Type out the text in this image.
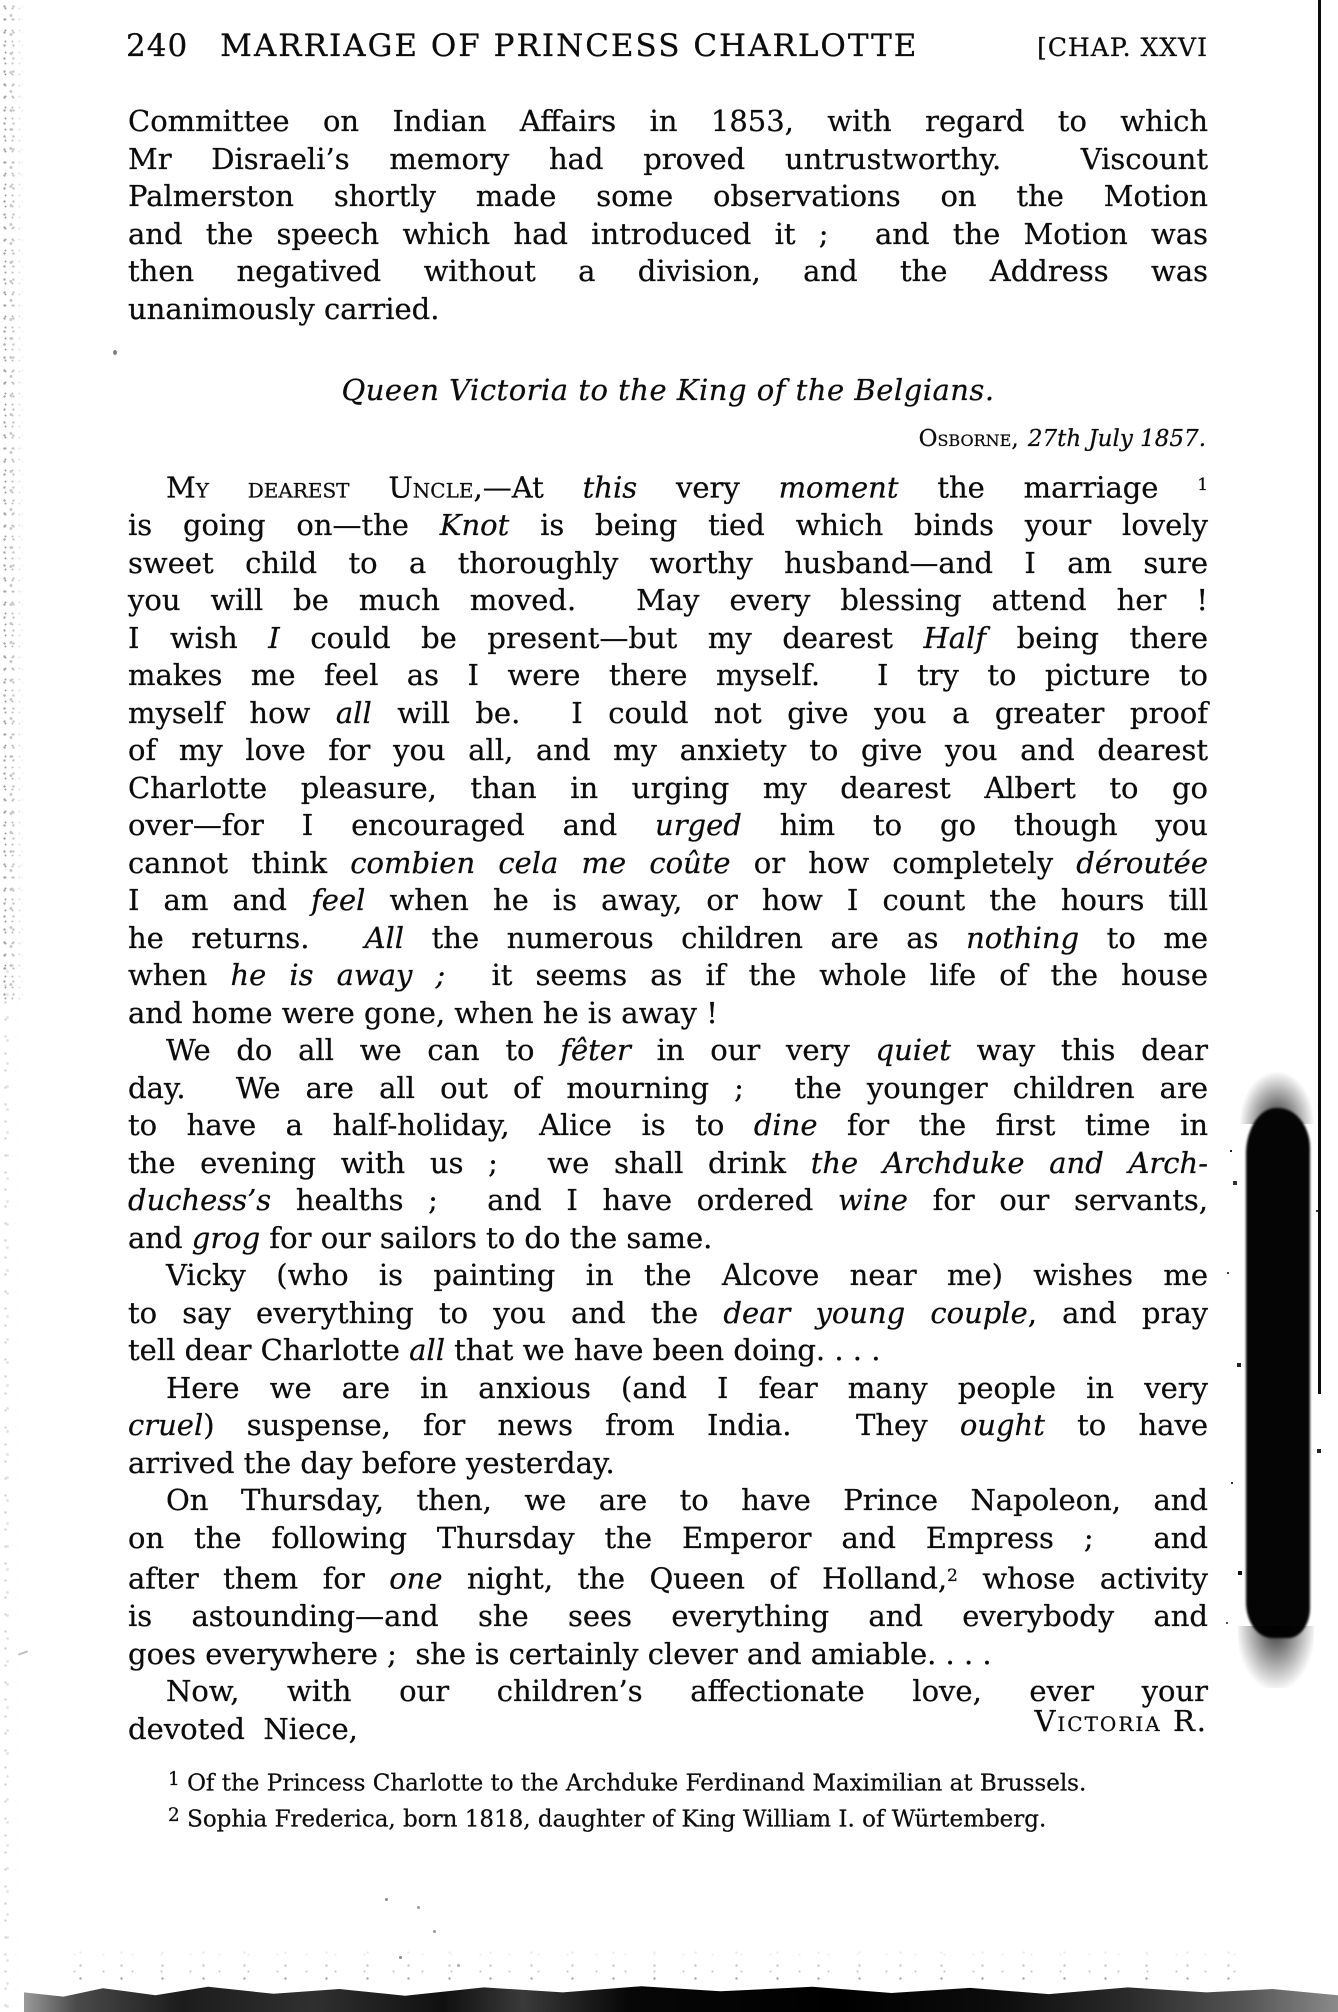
240 MARRIAGE OF PRINCESS CHARLOTTE	[CHAP. XXVI
Committee on Indian Affairs in 1853, with regard to which
Mr Disraeli’s memory had proved untrustworthy.  Viscount
Palmerston shortly made some observations on the Motion
and the speech which had introduced it ;  and the Motion was
then negatived without a division, and the Address was
unanimously carried.
Queen Victoria to the King of the Belgians.
Osborne, 27th July 1857.
My dearest Uncle,—At this very moment the marriage $^1$
is going on—the Knot is being tied which binds your lovely
sweet child to a thoroughly worthy husband—and I am sure
you will be much moved.  May every blessing attend her !
I wish I could be present—but my dearest Half being there
makes me feel as I were there myself.  I try to picture to
myself how all will be.  I could not give you a greater proof
of my love for you all, and my anxiety to give you and dearest
Charlotte pleasure, than in urging my dearest Albert to go
over—for I encouraged and urged him to go though you
cannot think combien cela me coûte or how completely déroutée
I am and feel when he is away, or how I count the hours till
he returns.  All the numerous children are as nothing to me
when he is away ;  it seems as if the whole life of the house
and home were gone, when he is away !
We do all we can to fêter in our very quiet way this dear
day.  We are all out of mourning ;  the younger children are
to have a half-holiday, Alice is to dine for the first time in
the evening with us ;  we shall drink the Archduke and Arch-
duchess’s healths ;  and I have ordered wine for our servants,
and grog for our sailors to do the same.
Vicky (who is painting in the Alcove near me) wishes me
to say everything to you and the dear young couple, and pray
tell dear Charlotte all that we have been doing. . . .
Here we are in anxious (and I fear many people in very
cruel) suspense, for news from India.  They ought to have
arrived the day before yesterday.
On Thursday, then, we are to have Prince Napoleon, and
on the following Thursday the Emperor and Empress ;  and
after them for one night, the Queen of Holland,$^2$ whose activity
is astounding—and she sees everything and everybody and
goes everywhere ;  she is certainly clever and amiable. . . .
Now, with our children’s affectionate love, ever your
devoted  Niece,	Victoria R.
$^1$ Of the Princess Charlotte to the Archduke Ferdinand Maximilian at Brussels.
$^2$ Sophia Frederica, born 1818, daughter of King William I. of Würtemberg.
